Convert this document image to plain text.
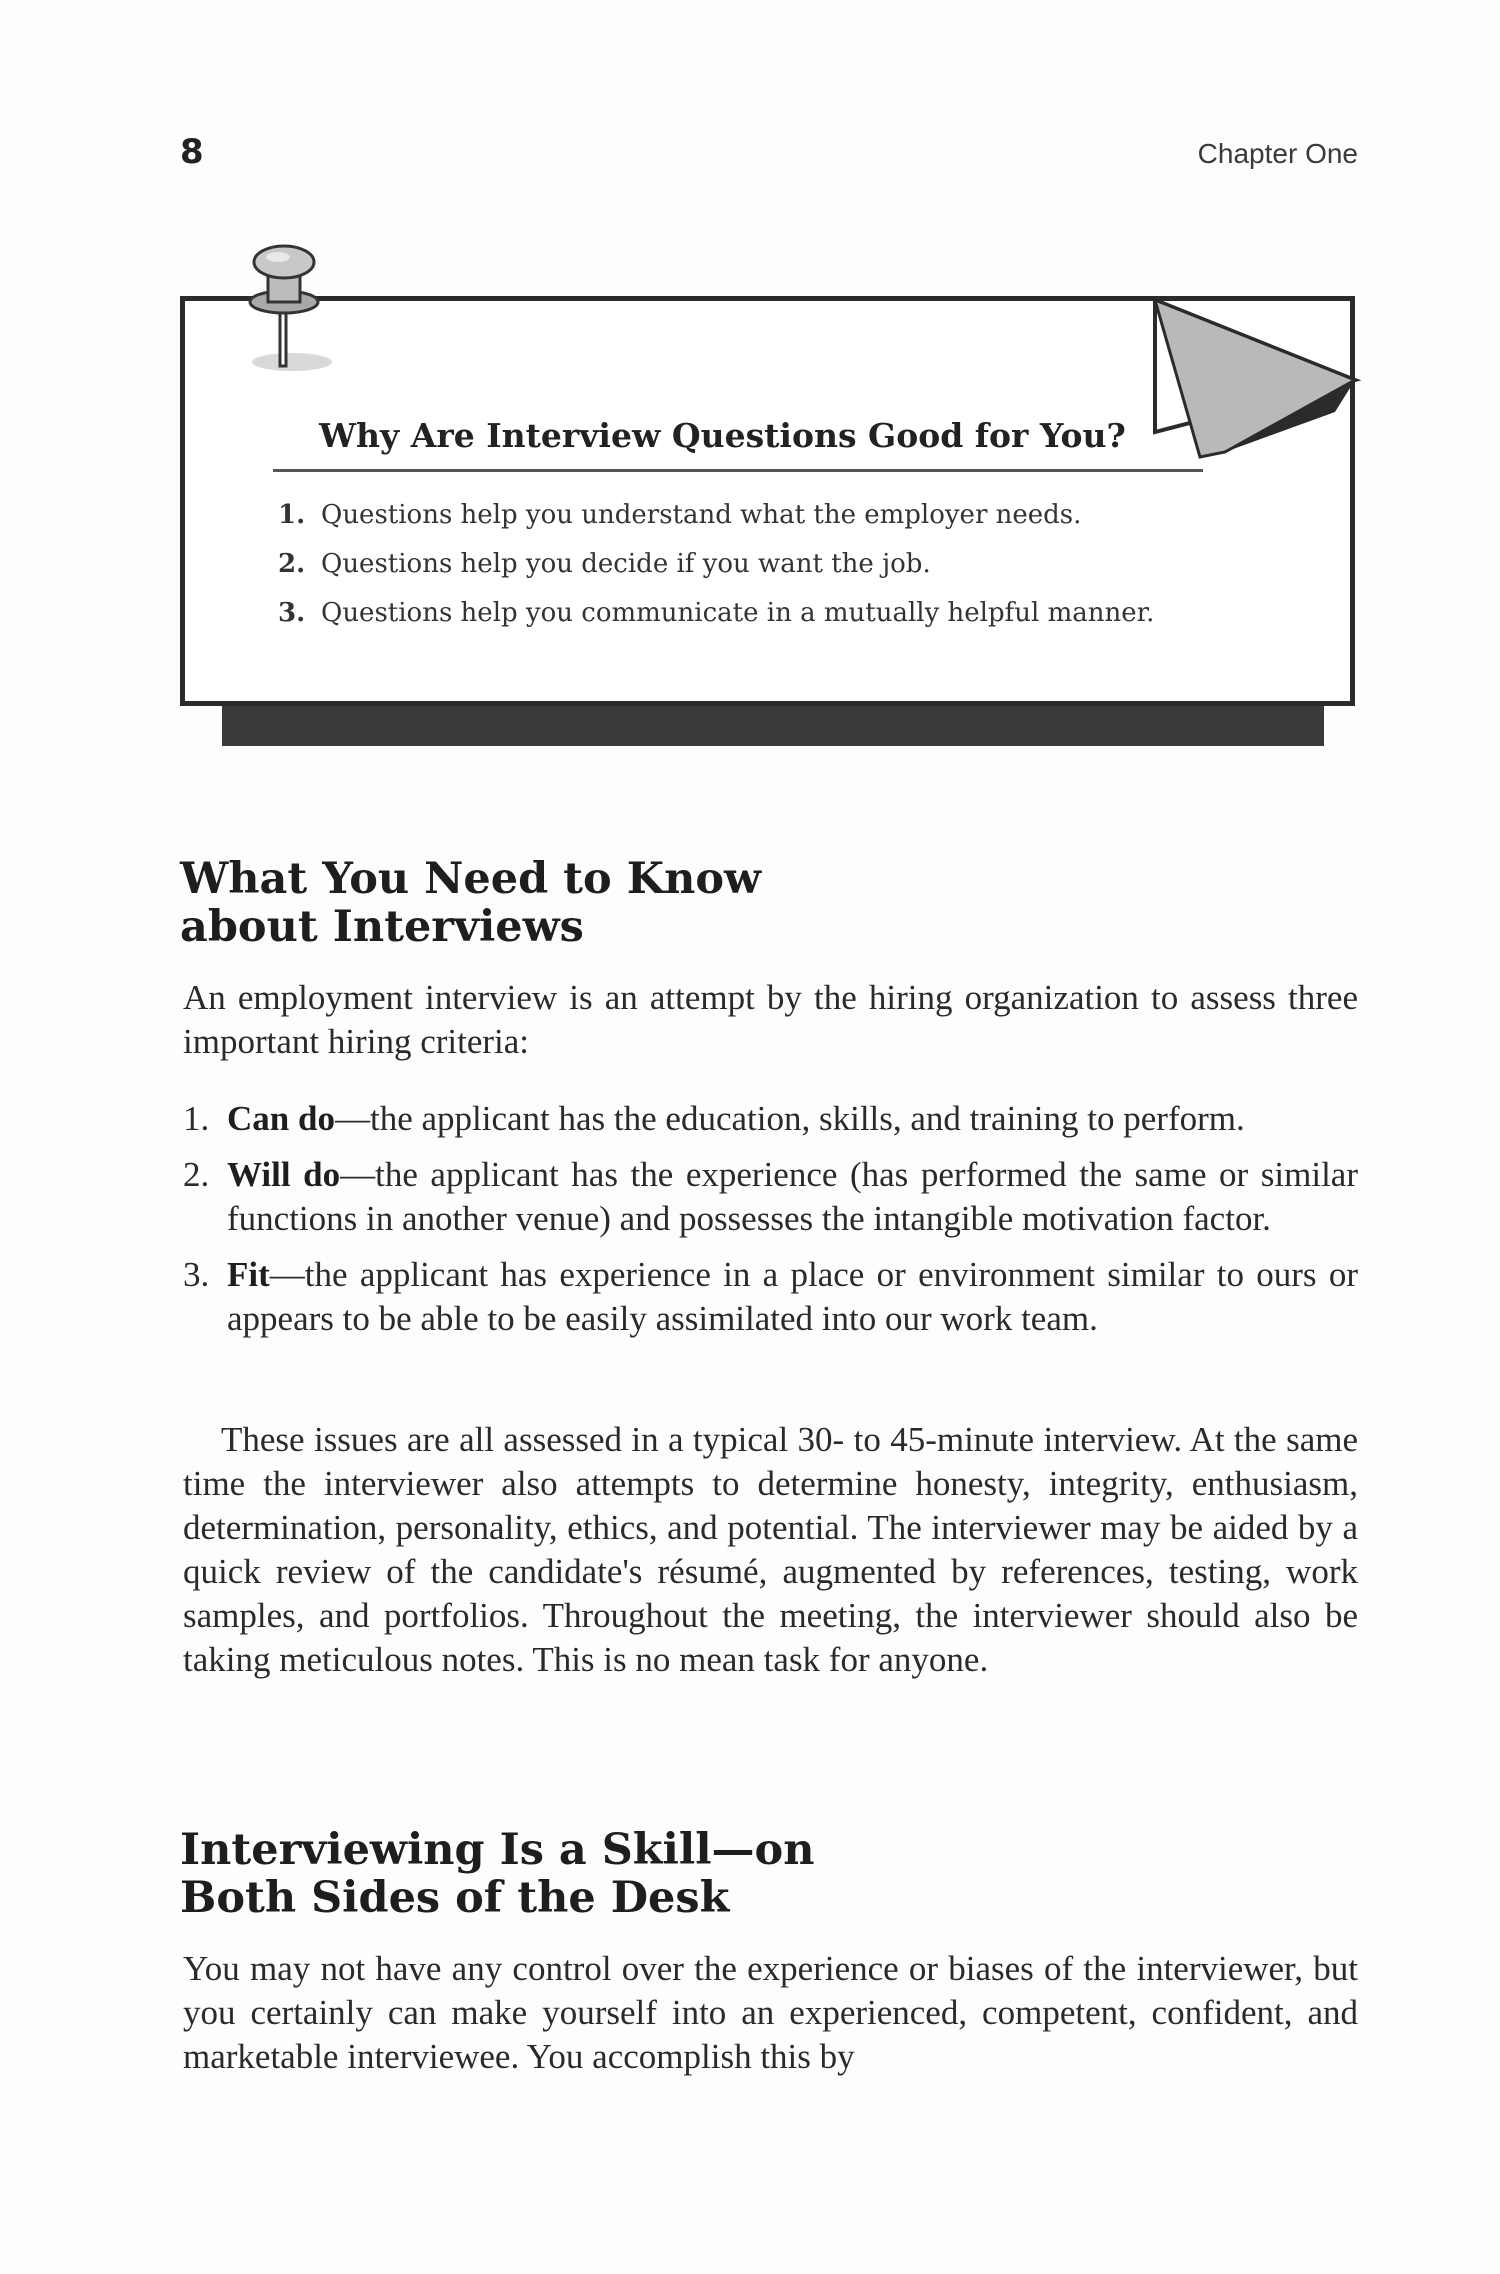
8	Chapter One
Why Are Interview Questions Good for You?
1. Questions help you understand what the employer needs.
2. Questions help you decide if you want the job.
3. Questions help you communicate in a mutually helpful manner.
What You Need to Know
about Interviews

An employment interview is an attempt by the hiring organization to assess three important hiring criteria:

1. Can do—the applicant has the education, skills, and training to perform.
2. Will do—the applicant has the experience (has performed the same or similar functions in another venue) and possesses the intangible motivation factor.
3. Fit—the applicant has experience in a place or environment similar to ours or appears to be able to be easily assimilated into our work team.

These issues are all assessed in a typical 30- to 45-minute interview. At the same time the interviewer also attempts to determine honesty, integrity, enthusiasm, determination, personality, ethics, and potential. The interviewer may be aided by a quick review of the candidate's résumé, augmented by references, testing, work samples, and portfolios. Throughout the meeting, the interviewer should also be taking meticulous notes. This is no mean task for anyone.

Interviewing Is a Skill—on
Both Sides of the Desk

You may not have any control over the experience or biases of the interviewer, but you certainly can make yourself into an experienced, competent, confident, and marketable interviewee. You accomplish this by
